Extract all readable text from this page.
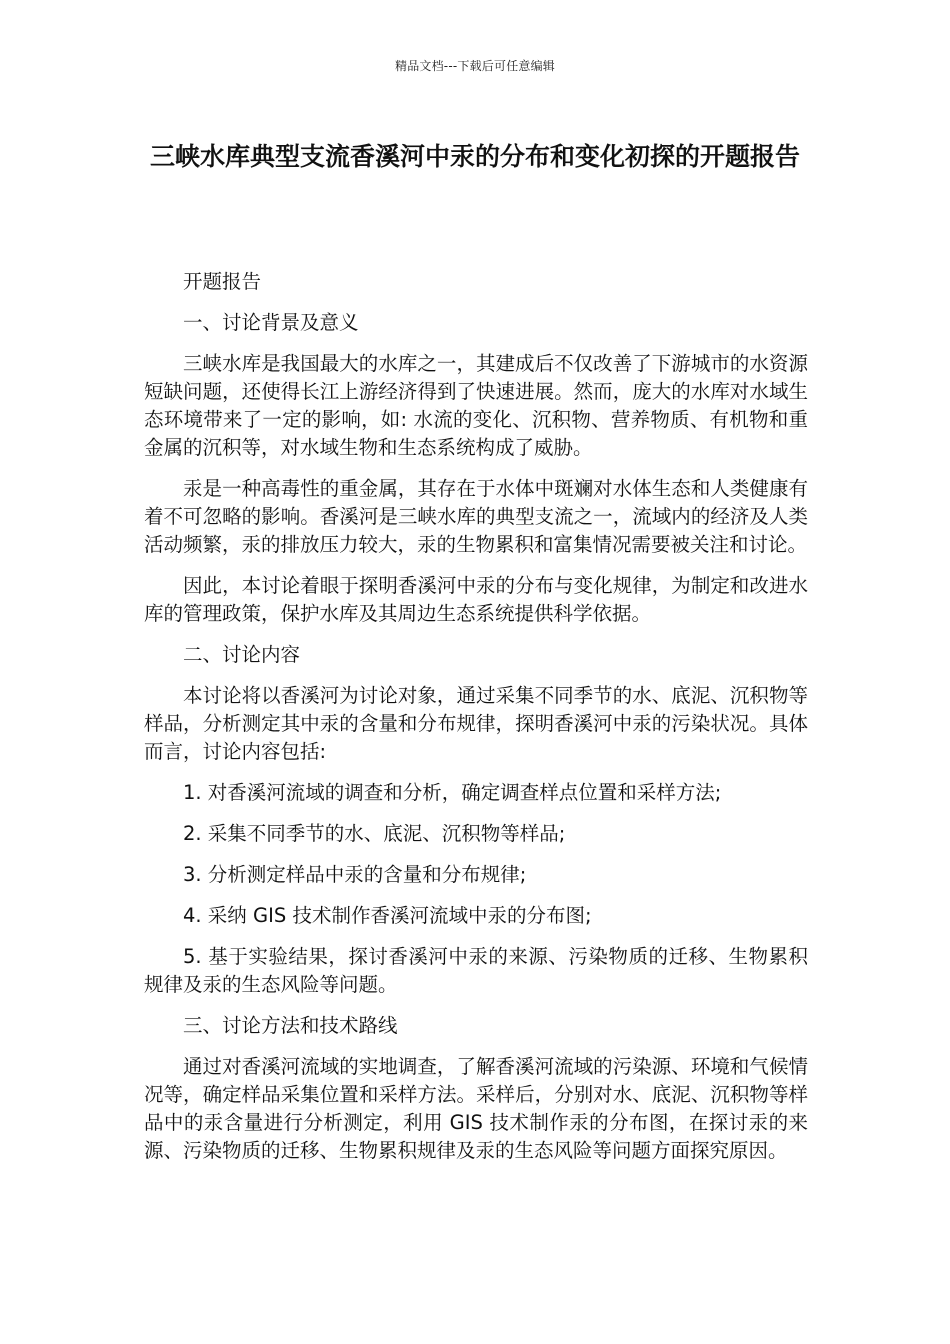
精品文档---下载后可任意编辑
三峡水库典型支流香溪河中汞的分布和变化初探的开题报告

开题报告

一、讨论背景及意义

三峡水库是我国最大的水库之一，其建成后不仅改善了下游城市的水资源短缺问题，还使得长江上游经济得到了快速进展。然而，庞大的水库对水域生态环境带来了一定的影响，如: 水流的变化、沉积物、营养物质、有机物和重金属的沉积等，对水域生物和生态系统构成了威胁。

汞是一种高毒性的重金属，其存在于水体中斑斓对水体生态和人类健康有着不可忽略的影响。香溪河是三峡水库的典型支流之一，流域内的经济及人类活动频繁，汞的排放压力较大，汞的生物累积和富集情况需要被关注和讨论。

因此，本讨论着眼于探明香溪河中汞的分布与变化规律，为制定和改进水库的管理政策，保护水库及其周边生态系统提供科学依据。

二、讨论内容

本讨论将以香溪河为讨论对象，通过采集不同季节的水、底泥、沉积物等样品，分析测定其中汞的含量和分布规律，探明香溪河中汞的污染状况。具体而言，讨论内容包括:

1. 对香溪河流域的调查和分析，确定调查样点位置和采样方法;

2. 采集不同季节的水、底泥、沉积物等样品;

3. 分析测定样品中汞的含量和分布规律;

4. 采纳 GIS 技术制作香溪河流域中汞的分布图;

5. 基于实验结果，探讨香溪河中汞的来源、污染物质的迁移、生物累积规律及汞的生态风险等问题。

三、讨论方法和技术路线

通过对香溪河流域的实地调查，了解香溪河流域的污染源、环境和气候情况等，确定样品采集位置和采样方法。采样后，分别对水、底泥、沉积物等样品中的汞含量进行分析测定，利用 GIS 技术制作汞的分布图，在探讨汞的来源、污染物质的迁移、生物累积规律及汞的生态风险等问题方面探究原因。
